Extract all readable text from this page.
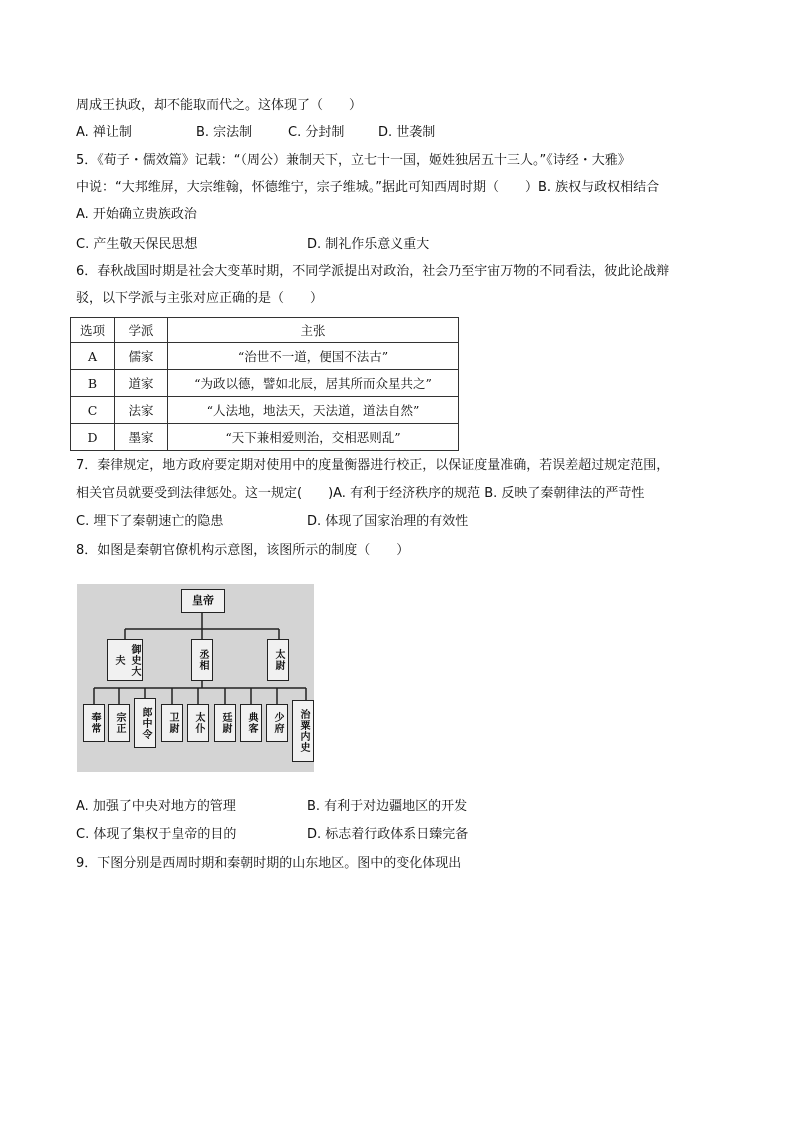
周成王执政，却不能取而代之。这体现了（　　）
A. 禅让制	B. 宗法制	C. 分封制	D. 世袭制
5．《荀子・儒效篇》记载：“（周公）兼制天下，立七十一国，姬姓独居五十三人。”《诗经・大雅》
中说：“大邦维屏，大宗维翰，怀德维宁，宗子维城。”据此可知西周时期（　　）B. 族权与政权相结合
A. 开始确立贵族政治
C. 产生敬天保民思想	D. 制礼作乐意义重大
6．春秋战国时期是社会大变革时期，不同学派提出对政治，社会乃至宇宙万物的不同看法，彼此论战辩
驳，以下学派与主张对应正确的是（　　）
选项	学派	主张
A	儒家	“治世不一道，便国不法古”
B	道家	“为政以德，譬如北辰，居其所而众星共之”
C	法家	“人法地，地法天，天法道，道法自然”
D	墨家	“天下兼相爱则治，交相恶则乱”
7．秦律规定，地方政府要定期对使用中的度量衡器进行校正，以保证度量准确，若误差超过规定范围，
相关官员就要受到法律惩处。这一规定(　　)A. 有利于经济秩序的规范 B. 反映了秦朝律法的严苛性
C. 埋下了秦朝速亡的隐患	D. 体现了国家治理的有效性
8．如图是秦朝官僚机构示意图，该图所示的制度（　　）
皇帝
御史大夫	丞相	太尉
奉常	宗正	郎中令	卫尉	太仆	廷尉	典客	少府	治粟内史
A. 加强了中央对地方的管理	B. 有利于对边疆地区的开发
C. 体现了集权于皇帝的目的	D. 标志着行政体系日臻完备
9．下图分别是西周时期和秦朝时期的山东地区。图中的变化体现出
